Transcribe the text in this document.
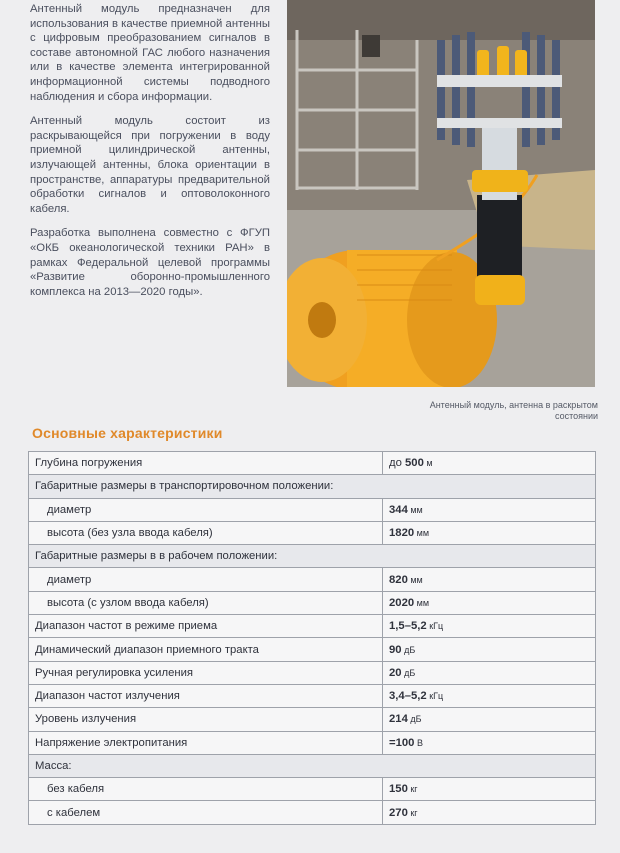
Антенный модуль предназначен для использования в качестве приемной антенны с цифровым преобразованием сигналов в составе автономной ГАС любого назначения или в качестве элемента интегрированной информационной системы подводного наблюдения и сбора информации.

Антенный модуль состоит из раскрывающейся при погружении в воду приемной цилиндрической антенны, излучающей антенны, блока ориентации в пространстве, аппаратуры предварительной обработки сигналов и оптоволоконного кабеля.

Разработка выполнена совместно с ФГУП «ОКБ океанологической техники РАН» в рамках Федеральной целевой программы «Развитие оборонно-промышленного комплекса на 2013—2020 годы».

Антенный модуль, антенна в раскрытом состоянии
Основные характеристики
Глубина погружения	до 500 м
Габаритные размеры в транспортировочном положении:	
диаметр	344 мм
высота (без узла ввода кабеля)	1820 мм
Габаритные размеры в в рабочем положении:	
диаметр	820 мм
высота (с узлом ввода кабеля)	2020 мм
Диапазон частот в режиме приема	1,5–5,2 кГц
Динамический диапазон приемного тракта	90 дБ
Ручная регулировка усиления	20 дБ
Диапазон частот излучения	3,4–5,2 кГц
Уровень излучения	214 дБ
Напряжение электропитания	=100 В
Масса:	
без кабеля	150 кг
с кабелем	270 кг
